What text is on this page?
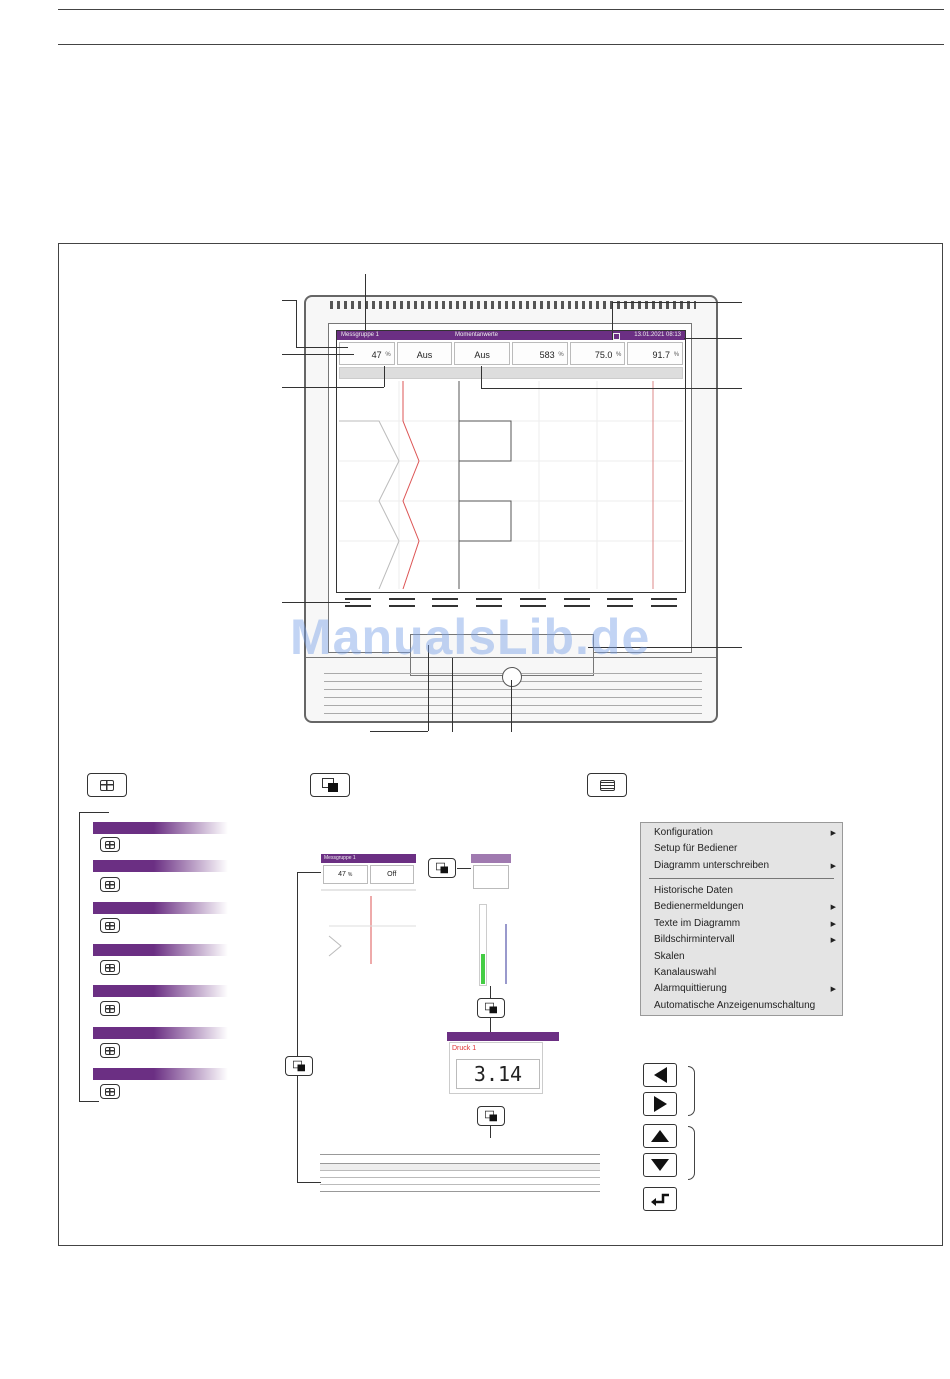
Messgruppe 1	Momentanwerte	13.01.2021 08:13
47 %	Aus	Aus	583 %	75.0 %	91.7 %
ManualsLib.de
Messgruppe 1
47 %	Off
Druck 1
3.14
Konfiguration	▶
Setup für Bediener
Diagramm unterschreiben	▶
Historische Daten
Bedienermeldungen	▶
Texte im Diagramm	▶
Bildschirmintervall	▶
Skalen
Kanalauswahl
Alarmquittierung	▶
Automatische Anzeigenumschaltung
